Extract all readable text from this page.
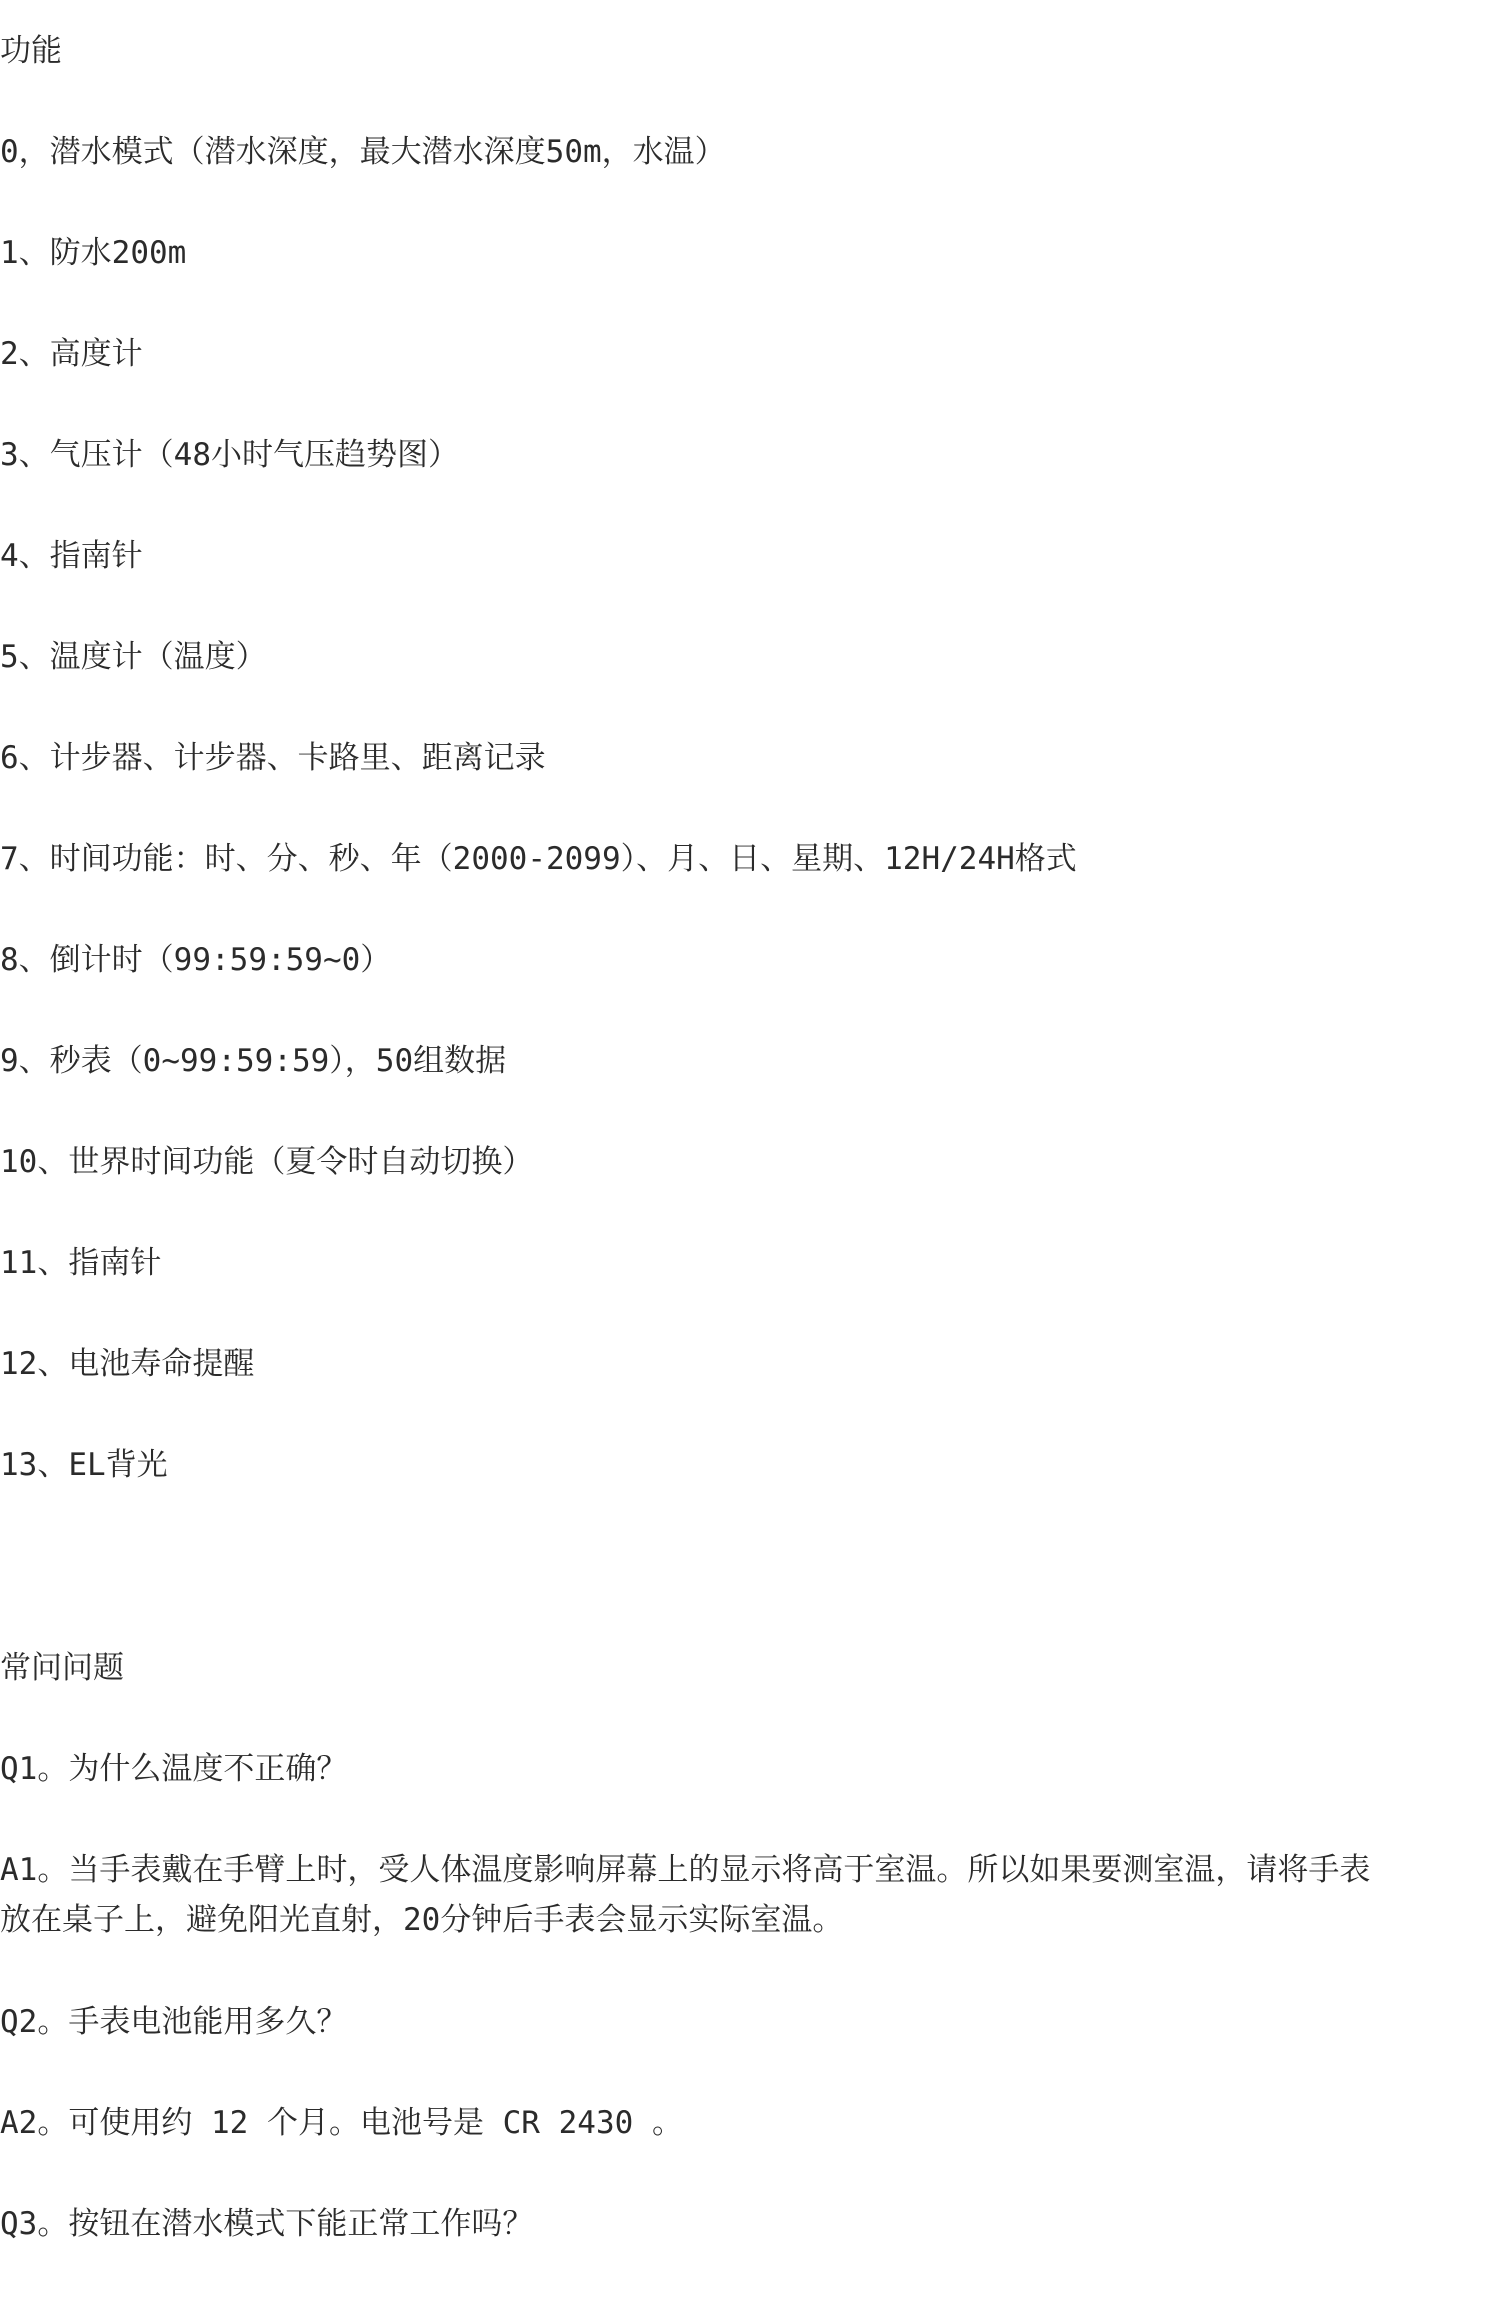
功能

0，潜水模式（潜水深度，最大潜水深度50m，水温）

1、防水200m

2、高度计

3、气压计（48小时气压趋势图）

4、指南针

5、温度计（温度）

6、计步器、计步器、卡路里、距离记录

7、时间功能：时、分、秒、年（2000-2099）、月、日、星期、12H/24H格式

8、倒计时（99:59:59~0）

9、秒表（0~99:59:59），50组数据

10、世界时间功能（夏令时自动切换）

11、指南针

12、电池寿命提醒

13、EL背光

常问问题

Q1。为什么温度不正确？

A1。当手表戴在手臂上时，受人体温度影响屏幕上的显示将高于室温。所以如果要测室温，请将手表

放在桌子上，避免阳光直射，20分钟后手表会显示实际室温。

Q2。手表电池能用多久？

A2。可使用约 12 个月。电池号是 CR 2430 。

Q3。按钮在潜水模式下能正常工作吗？
